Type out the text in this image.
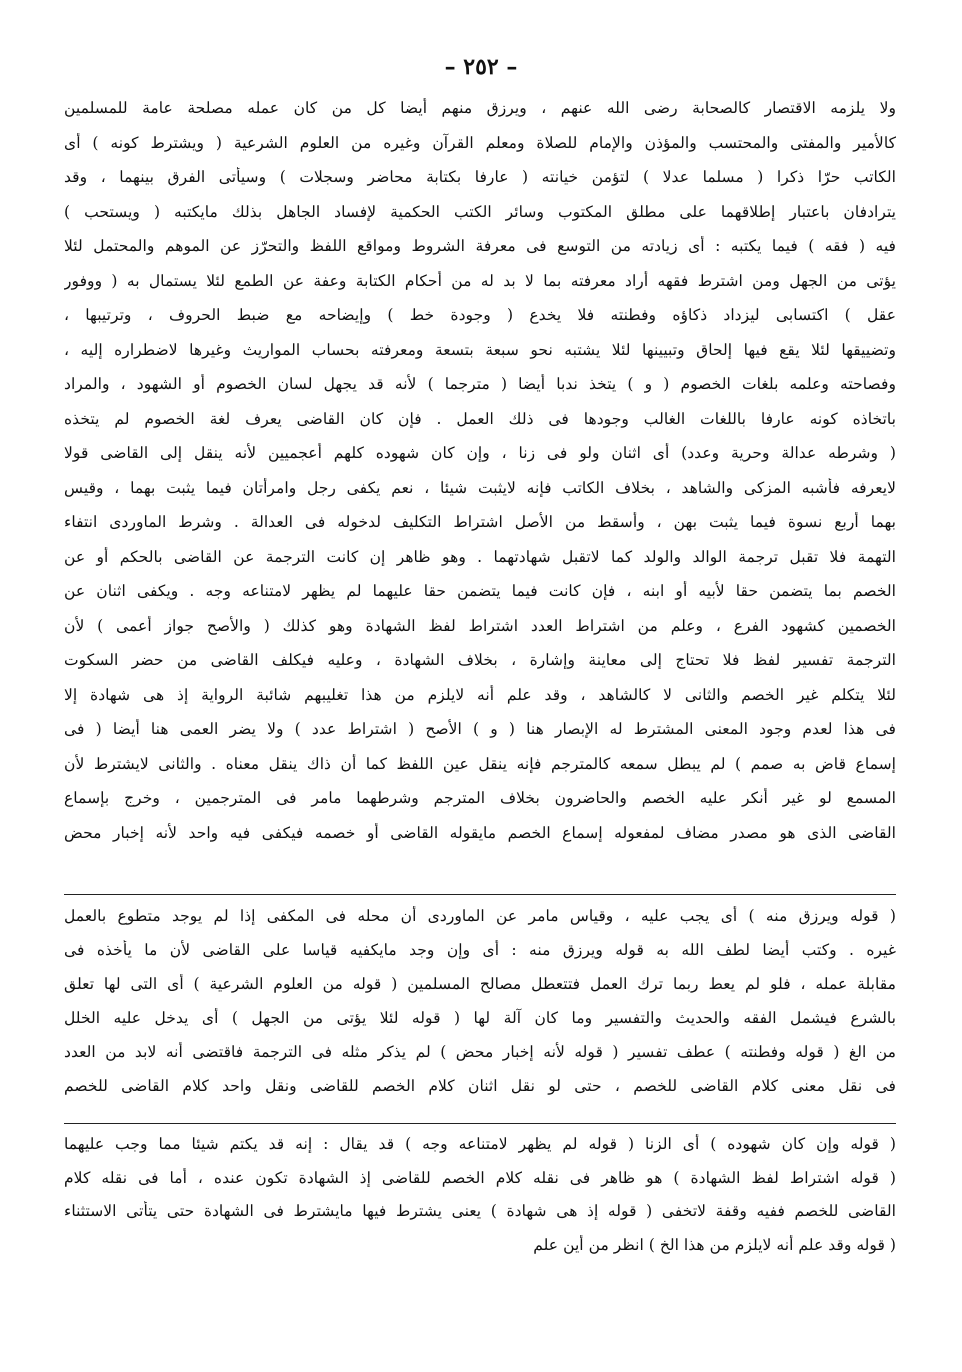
– ٢٥٢ –
ولا يلزمه الاقتصار كالصحابة رضى الله عنهم ، ويرزق منهم أيضا كل من كان عمله مصلحة عامة للمسلمين
كالأمير والمفتى والمحتسب والمؤذن والإمام للصلاة ومعلم القرآن وغيره من العلوم الشرعية ( ويشترط كونه ) أى
الكاتب حرّا ذكرا ( مسلما عدلا ) لتؤمن خيانته ( عارفا بكتابة محاضر وسجلات ) وسيأتى الفرق بينهما ، وقد
يترادفان باعتبار إطلاقهما على مطلق المكتوب وسائر الكتب الحكمية لإفساد الجاهل بذلك مايكتبه ( ويستحب )
فيه ( فقه ) فيما يكتبه : أى زيادته من التوسع فى معرفة الشروط ومواقع اللفظ والتحرّز عن الموهم والمحتمل لئلا
يؤتى من الجهل ومن اشترط فقهه أراد معرفته بما لا بد له من أحكام الكتابة وعفة عن الطمع لئلا يستمال به ( ووفور
عقل ) اكتسابى ليزداد ذكاؤه وفطنته فلا يخدع ( وجودة خط ) وإيضاحه مع ضبط الحروف ، وترتيبها ،
وتضييقها لئلا يقع فيها إلحاق وتبيينها لئلا يشتبه نحو سبعة بتسعة ومعرفته بحساب المواريث وغيرها لاضطراره إليه ،
وفصاحته وعلمه بلغات الخصوم ( و ) يتخذ ندبا أيضا ( مترجما ) لأنه قد يجهل لسان الخصوم أو الشهود ، والمراد
باتخاذه كونه عارفا باللغات الغالب وجودها فى ذلك العمل . فإن كان القاضى يعرف لغة الخصوم لم يتخذه
( وشرطه عدالة وحرية وعدد) أى اثنان ولو فى زنا ، وإن كان شهوده كلهم أعجميين لأنه ينقل إلى القاضى قولا
لايعرفه فأشبه المزكى والشاهد ، بخلاف الكاتب فإنه لايثبت شيئا ، نعم يكفى رجل وامرأتان فيما يثبت بهما ، وقيس
بهما أربع نسوة فيما يثبت بهن ، وأسقط من الأصل اشتراط التكليف لدخوله فى العدالة . وشرط الماوردى انتفاء
التهمة فلا تقبل ترجمة الوالد والولد كما لاتقبل شهادتهما . وهو ظاهر إن كانت الترجمة عن القاضى بالحكم أو عن
الخصم بما يتضمن حقا لأبيه أو ابنه ، فإن كانت فيما يتضمن حقا عليهما لم يظهر لامتناعه وجه . ويكفى اثنان عن
الخصمين كشهود الفرع ، وعلم من اشتراط العدد اشتراط لفظ الشهادة وهو كذلك ( والأصح جواز أعمى ) لأن
الترجمة تفسير لفظ فلا تحتاج إلى معاينة وإشارة ، بخلاف الشهادة ، وعليه فيكلف القاضى من حضر السكوت
لئلا يتكلم غير الخصم والثانى لا كالشاهد ، وقد علم أنه لايلزم من هذا تغليبهم شائبة الرواية إذ هى شهادة إلا
فى هذا لعدم وجود المعنى المشترط له الإبصار هنا ( و ) الأصح ( اشتراط عدد ) ولا يضر العمى هنا أيضا ( فى
إسماع قاض به صمم ) لم يبطل سمعه كالمترجم فإنه ينقل عين اللفظ كما أن ذاك ينقل معناه . والثانى لايشترط لأن
المسمع لو غير أنكر عليه الخصم والحاضرون بخلاف المترجم وشرطهما مامر فى المترجمين ، وخرج بإسماع
القاضى الذى هو مصدر مضاف لمفعوله إسماع الخصم مايقوله القاضى أو خصمه فيكفى فيه واحد لأنه إخبار محض
( قوله ويرزق منه ) أى يجب عليه ، وقياس مامر عن الماوردى أن محله فى المكفى إذا لم يوجد متطوع بالعمل
غيره . وكتب أيضا لطف الله به قوله ويرزق منه : أى وإن وجد مايكفيه قياسا على القاضى لأن ما يأخذه فى
مقابلة عمله ، فلو لم يعط ربما ترك العمل فتتعطل مصالح المسلمين ( قوله من العلوم الشرعية ) أى التى لها تعلق
بالشرع فيشمل الفقه والحديث والتفسير وما كان آلة لها ( قوله لئلا يؤتى من الجهل ) أى يدخل عليه الخلل
من الغ ( قوله وفطنته ) عطف تفسير ( قوله لأنه إخبار محض ) لم يذكر مثله فى الترجمة فاقتضى أنه لابد من العدد
فى نقل معنى كلام القاضى للخصم ، حتى لو نقل اثنان كلام الخصم للقاضى ونقل واحد كلام القاضى للخصم
( قوله وإن كان شهوده ) أى الزنا ( قوله لم يظهر لامتناعه وجه ) قد يقال : إنه قد يكتم شيئا مما وجب عليهما
( قوله اشتراط لفظ الشهادة ) هو ظاهر فى نقله كلام الخصم للقاضى إذ الشهادة تكون عنده ، أما فى نقله كلام
القاضى للخصم ففيه وقفة لاتخفى ( قوله إذ هى شهادة ) يعنى يشترط فيها مايشترط فى الشهادة حتى يتأتى الاستثناء
( قوله وقد علم أنه لايلزم من هذا الخ ) انظر من أين علم
